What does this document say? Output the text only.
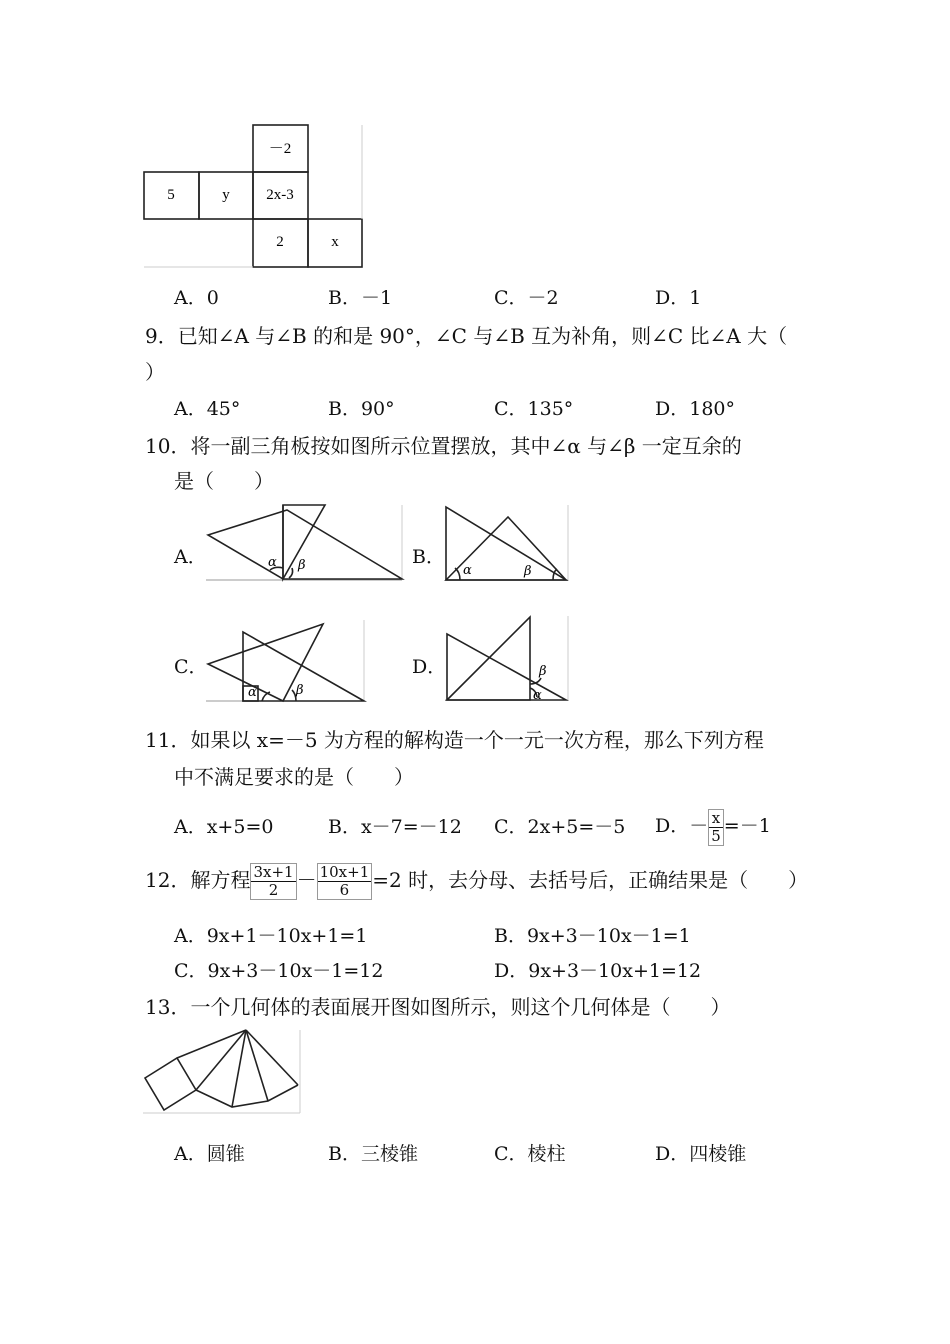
－2
5	y 2x-3
2	x
A．0	B．－1	C．－2	D．1
9．已知∠A 与∠B 的和是 90°，∠C 与∠B 互为补角，则∠C 比∠A 大（
）
A．45°	B．90°	C．135°	D．180°
10．将一副三角板按如图所示位置摆放，其中∠α 与∠β 一定互余的
是（　　）
A．	B．
C．	D．
α β	α	β
α	β	α
β
11．如果以 x=－5 为方程的解构造一个一元一次方程，那么下列方程
中不满足要求的是（　　）
A．x+5=0	B．x－7=－12 C．2x+5=－5 D．－ $\frac{x}{5} =-1$
12．解方程 $\frac{3x+1}{2} - \frac{10x+1}{6} =2$ 时，去分母、去括号后，正确结果是（　　）
A．9x+1－10x+1=1	B．9x+3－10x－1=1
C．9x+3－10x－1=12	D．9x+3－10x+1=12
13．一个几何体的表面展开图如图所示，则这个几何体是（　　）
A．圆锥	B．三棱锥	C．棱柱	D．四棱锥
